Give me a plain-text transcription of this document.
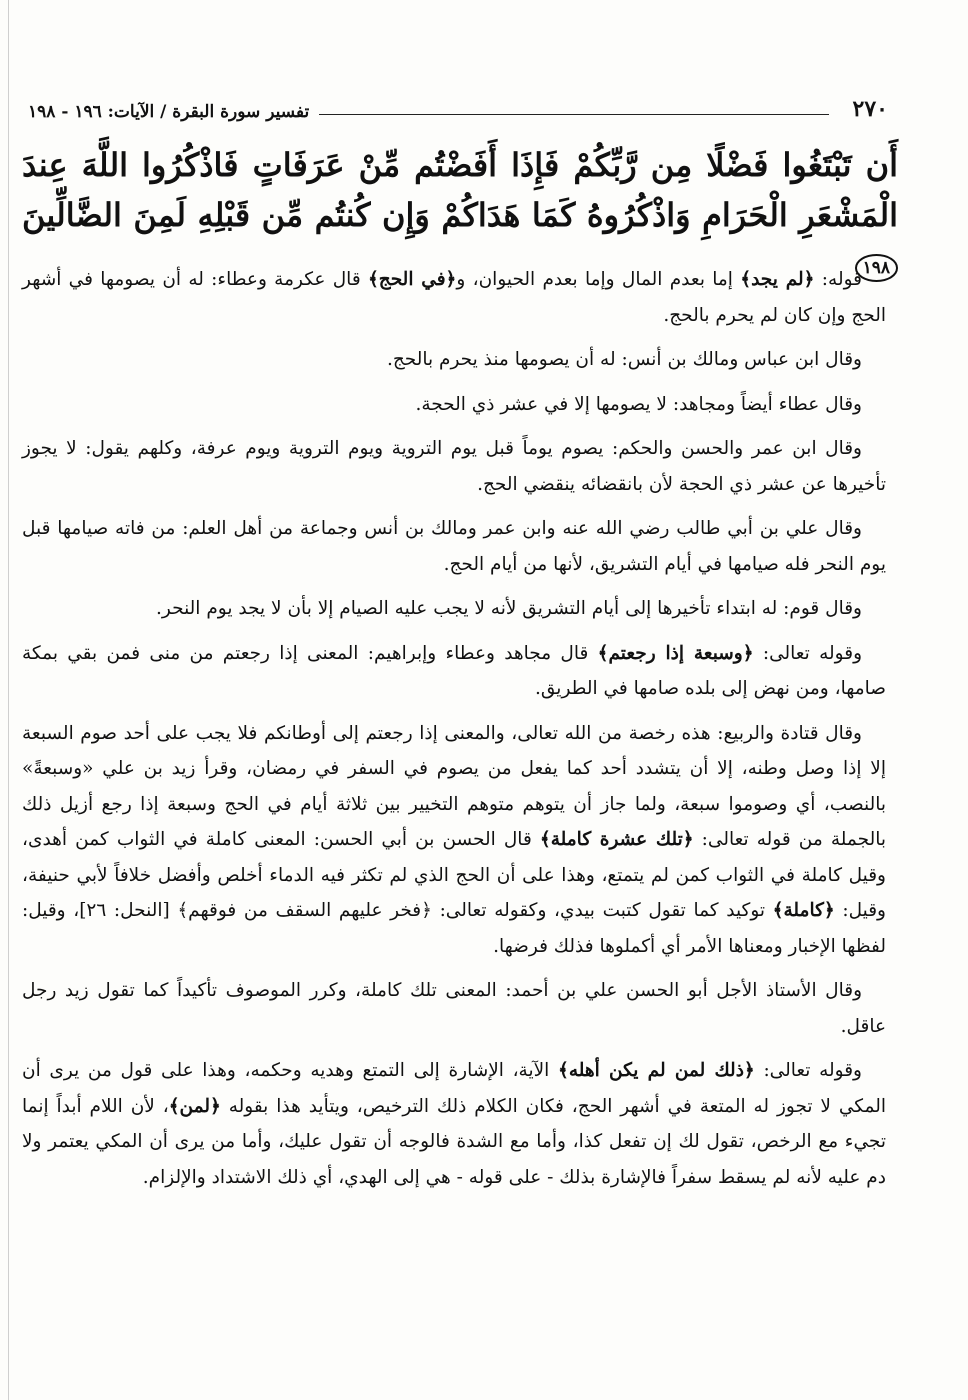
٢٧٠
تفسير سورة البقرة / الآيات: ١٩٦ - ١٩٨
أَن تَبْتَغُوا فَضْلًا مِن رَّبِّكُمْ فَإِذَا أَفَضْتُم مِّنْ عَرَفَاتٍ فَاذْكُرُوا اللَّهَ عِندَ الْمَشْعَرِ الْحَرَامِ وَاذْكُرُوهُ كَمَا هَدَاكُمْ وَإِن كُنتُم مِّن قَبْلِهِ لَمِنَ الضَّالِّينَ ١٩٨

قوله: ﴿لم يجد﴾ إما بعدم المال وإما بعدم الحيوان، و﴿في الحج﴾ قال عكرمة وعطاء: له أن يصومها في أشهر الحج وإن كان لم يحرم بالحج.

وقال ابن عباس ومالك بن أنس: له أن يصومها منذ يحرم بالحج.

وقال عطاء أيضاً ومجاهد: لا يصومها إلا في عشر ذي الحجة.

وقال ابن عمر والحسن والحكم: يصوم يوماً قبل يوم التروية ويوم التروية ويوم عرفة، وكلهم يقول: لا يجوز تأخيرها عن عشر ذي الحجة لأن بانقضائه ينقضي الحج.

وقال علي بن أبي طالب رضي الله عنه وابن عمر ومالك بن أنس وجماعة من أهل العلم: من فاته صيامها قبل يوم النحر فله صيامها في أيام التشريق، لأنها من أيام الحج.

وقال قوم: له ابتداء تأخيرها إلى أيام التشريق لأنه لا يجب عليه الصيام إلا بأن لا يجد يوم النحر.

وقوله تعالى: ﴿وسبعة إذا رجعتم﴾ قال مجاهد وعطاء وإبراهيم: المعنى إذا رجعتم من منى فمن بقي بمكة صامها، ومن نهض إلى بلده صامها في الطريق.

وقال قتادة والربيع: هذه رخصة من الله تعالى، والمعنى إذا رجعتم إلى أوطانكم فلا يجب على أحد صوم السبعة إلا إذا وصل وطنه، إلا أن يتشدد أحد كما يفعل من يصوم في السفر في رمضان، وقرأ زيد بن علي «وسبعةً» بالنصب، أي وصوموا سبعة، ولما جاز أن يتوهم متوهم التخيير بين ثلاثة أيام في الحج وسبعة إذا رجع أزيل ذلك بالجملة من قوله تعالى: ﴿تلك عشرة كاملة﴾ قال الحسن بن أبي الحسن: المعنى كاملة في الثواب كمن أهدى، وقيل كاملة في الثواب كمن لم يتمتع، وهذا على أن الحج الذي لم تكثر فيه الدماء أخلص وأفضل خلافاً لأبي حنيفة، وقيل: ﴿كاملة﴾ توكيد كما تقول كتبت بيدي، وكقوله تعالى: ﴿فخر عليهم السقف من فوقهم﴾ [النحل: ٢٦]، وقيل: لفظها الإخبار ومعناها الأمر أي أكملوها فذلك فرضها.

وقال الأستاذ الأجل أبو الحسن علي بن أحمد: المعنى تلك كاملة، وكرر الموصوف تأكيداً كما تقول زيد رجل عاقل.

وقوله تعالى: ﴿ذلك لمن لم يكن أهله﴾ الآية، الإشارة إلى التمتع وهديه وحكمه، وهذا على قول من يرى أن المكي لا تجوز له المتعة في أشهر الحج، فكان الكلام ذلك الترخيص، ويتأيد هذا بقوله ﴿لمن﴾، لأن اللام أبداً إنما تجيء مع الرخص، تقول لك إن تفعل كذا، وأما مع الشدة فالوجه أن تقول عليك، وأما من يرى أن المكي يعتمر ولا دم عليه لأنه لم يسقط سفراً فالإشارة بذلك - على قوله - هي إلى الهدي، أي ذلك الاشتداد والإلزام.
